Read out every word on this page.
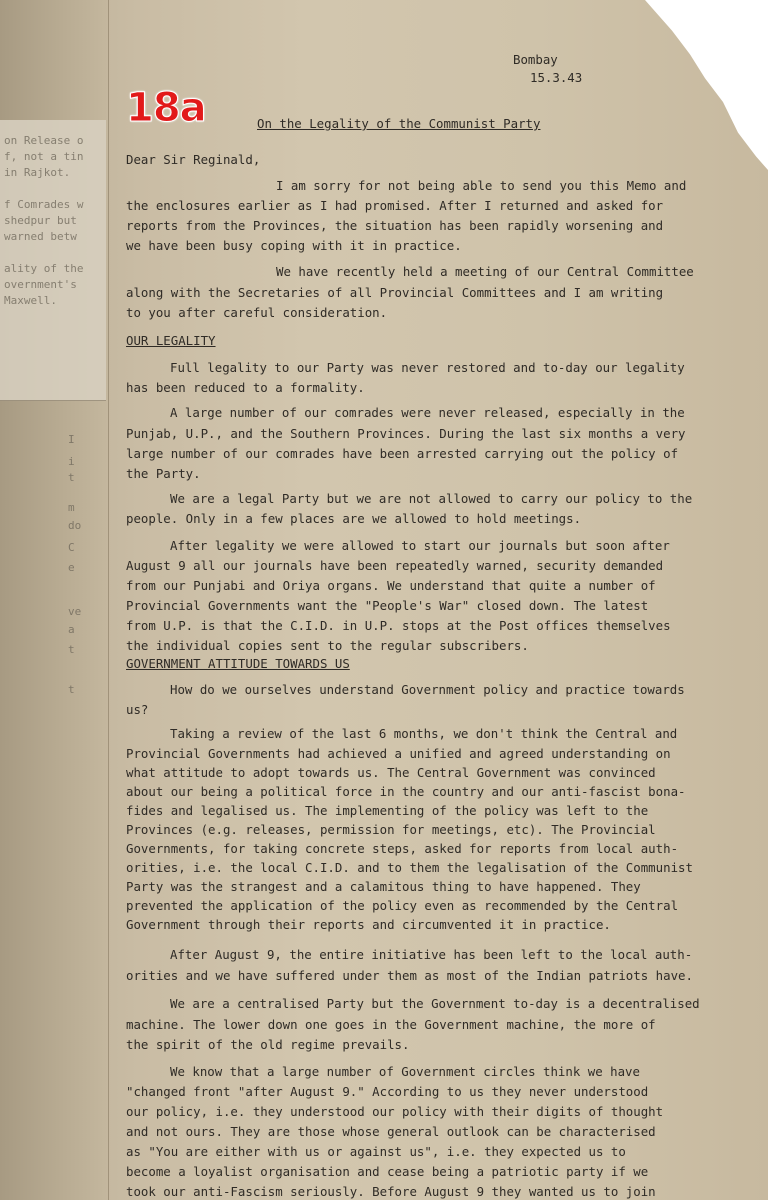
on Release o
f, not a tin
in Rajkot.
f Comrades w
shedpur but
warned betw
ality of the
overnment's
Maxwell.
I
i
t
m
do
C
e
ve
a
t
t
18a
Bombay
15.3.43
On the Legality of the Communist Party
Dear Sir Reginald,
I am sorry for not being able to send you this Memo and
the enclosures earlier as I had promised. After I returned and asked for
reports from the Provinces, the situation has been rapidly worsening and
we have been busy coping with it in practice.
We have recently held a meeting of our Central Committee
along with the Secretaries of all Provincial Committees and I am writing
to you after careful consideration.
OUR LEGALITY
Full legality to our Party was never restored and to-day our legality
has been reduced to a formality.
A large number of our comrades were never released, especially in the
Punjab, U.P., and the Southern Provinces. During the last six months a very
large number of our comrades have been arrested carrying out the policy of
the Party.
We are a legal Party but we are not allowed to carry our policy to the
people. Only in a few places are we allowed to hold meetings.
After legality we were allowed to start our journals but soon after
August 9 all our journals have been repeatedly warned, security demanded
from our Punjabi and Oriya organs. We understand that quite a number of
Provincial Governments want the "People's War" closed down. The latest
from U.P. is that the C.I.D. in U.P. stops at the Post offices themselves
the individual copies sent to the regular subscribers.
GOVERNMENT ATTITUDE TOWARDS US
How do we ourselves understand Government policy and practice towards
us?
Taking a review of the last 6 months, we don't think the Central and
Provincial Governments had achieved a unified and agreed understanding on
what attitude to adopt towards us. The Central Government was convinced
about our being a political force in the country and our anti-fascist bona-
fides and legalised us. The implementing of the policy was left to the
Provinces (e.g. releases, permission for meetings, etc). The Provincial
Governments, for taking concrete steps, asked for reports from local auth-
orities, i.e. the local C.I.D. and to them the legalisation of the Communist
Party was the strangest and a calamitous thing to have happened. They
prevented the application of the policy even as recommended by the Central
Government through their reports and circumvented it in practice.
After August 9, the entire initiative has been left to the local auth-
orities and we have suffered under them as most of the Indian patriots have.
We are a centralised Party but the Government to-day is a decentralised
machine. The lower down one goes in the Government machine, the more of
the spirit of the old regime prevails.
We know that a large number of Government circles think we have
"changed front "after August 9." According to us they never understood
our policy, i.e. they understood our policy with their digits of thought
and not ours. They are those whose general outlook can be characterised
as "You are either with us or against us", i.e. they expected us to
become a loyalist organisation and cease being a patriotic party if we
took our anti-Fascism seriously. Before August 9 they wanted us to join
